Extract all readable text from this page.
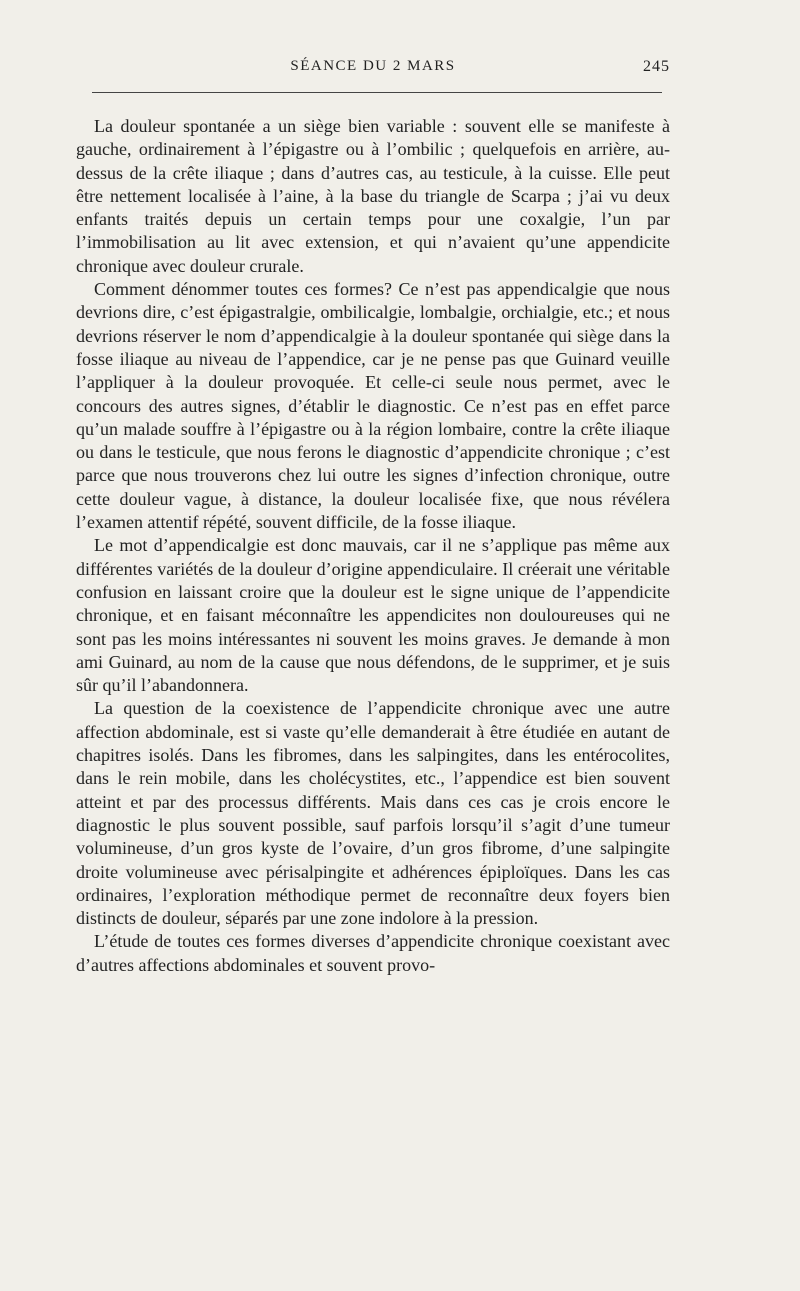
SÉANCE DU 2 MARS	245

La douleur spontanée a un siège bien variable : souvent elle se manifeste à gauche, ordinairement à l’épigastre ou à l’ombilic ; quelquefois en arrière, au-dessus de la crête iliaque ; dans d’autres cas, au testicule, à la cuisse. Elle peut être nettement localisée à l’aine, à la base du triangle de Scarpa ; j’ai vu deux enfants traités depuis un certain temps pour une coxalgie, l’un par l’immobilisation au lit avec extension, et qui n’avaient qu’une appendicite chronique avec douleur crurale.

Comment dénommer toutes ces formes? Ce n’est pas appendicalgie que nous devrions dire, c’est épigastralgie, ombilicalgie, lombalgie, orchialgie, etc.; et nous devrions réserver le nom d’appendicalgie à la douleur spontanée qui siège dans la fosse iliaque au niveau de l’appendice, car je ne pense pas que Guinard veuille l’appliquer à la douleur provoquée. Et celle-ci seule nous permet, avec le concours des autres signes, d’établir le diagnostic. Ce n’est pas en effet parce qu’un malade souffre à l’épigastre ou à la région lombaire, contre la crête iliaque ou dans le testicule, que nous ferons le diagnostic d’appendicite chronique ; c’est parce que nous trouverons chez lui outre les signes d’infection chronique, outre cette douleur vague, à distance, la douleur localisée fixe, que nous révélera l’examen attentif répété, souvent difficile, de la fosse iliaque.

Le mot d’appendicalgie est donc mauvais, car il ne s’applique pas même aux différentes variétés de la douleur d’origine appendiculaire. Il créerait une véritable confusion en laissant croire que la douleur est le signe unique de l’appendicite chronique, et en faisant méconnaître les appendicites non douloureuses qui ne sont pas les moins intéressantes ni souvent les moins graves. Je demande à mon ami Guinard, au nom de la cause que nous défendons, de le supprimer, et je suis sûr qu’il l’abandonnera.

La question de la coexistence de l’appendicite chronique avec une autre affection abdominale, est si vaste qu’elle demanderait à être étudiée en autant de chapitres isolés. Dans les fibromes, dans les salpingites, dans les entérocolites, dans le rein mobile, dans les cholécystites, etc., l’appendice est bien souvent atteint et par des processus différents. Mais dans ces cas je crois encore le diagnostic le plus souvent possible, sauf parfois lorsqu’il s’agit d’une tumeur volumineuse, d’un gros kyste de l’ovaire, d’un gros fibrome, d’une salpingite droite volumineuse avec périsalpingite et adhérences épiploïques. Dans les cas ordinaires, l’exploration méthodique permet de reconnaître deux foyers bien distincts de douleur, séparés par une zone indolore à la pression.

L’étude de toutes ces formes diverses d’appendicite chronique coexistant avec d’autres affections abdominales et souvent provo-
